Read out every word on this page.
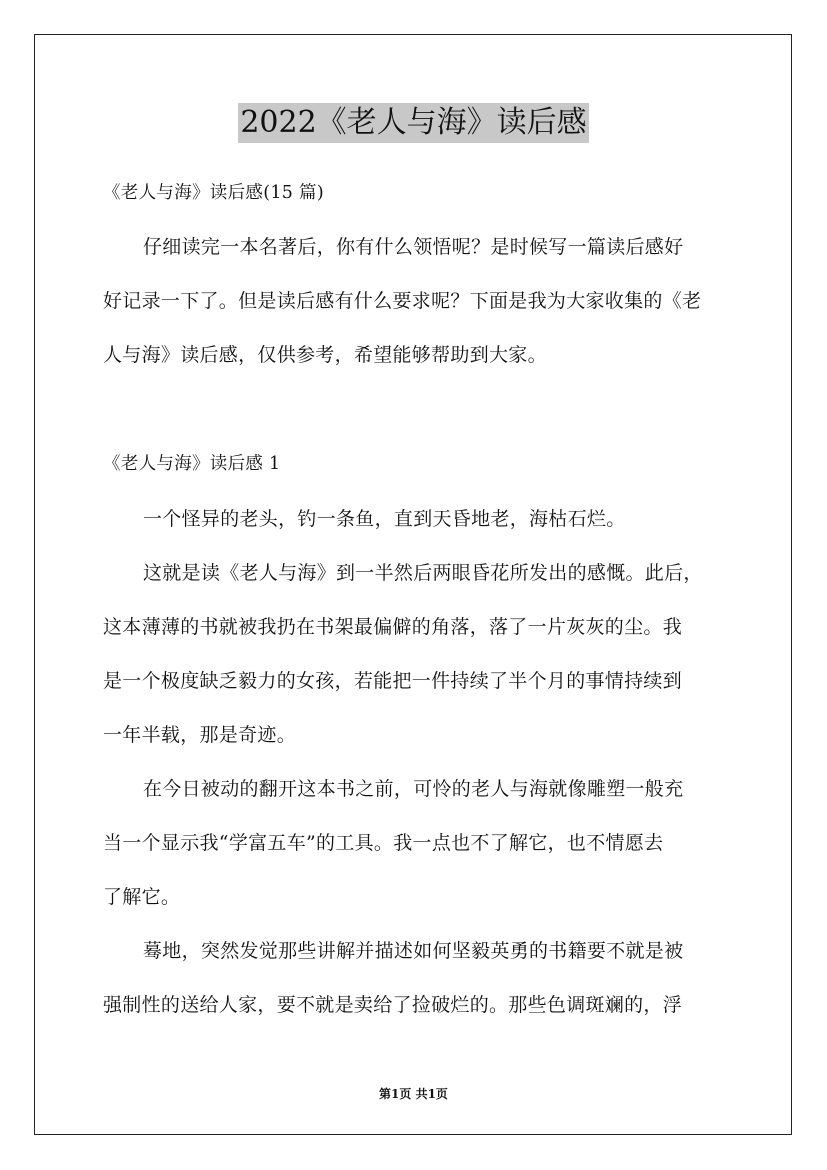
2022《老人与海》读后感
《老人与海》读后感(15 篇)
仔细读完一本名著后，你有什么领悟呢？是时候写一篇读后感好
好记录一下了。但是读后感有什么要求呢？下面是我为大家收集的《老
人与海》读后感，仅供参考，希望能够帮助到大家。
《老人与海》读后感 1
一个怪异的老头，钓一条鱼，直到天昏地老，海枯石烂。
这就是读《老人与海》到一半然后两眼昏花所发出的感慨。此后，
这本薄薄的书就被我扔在书架最偏僻的角落，落了一片灰灰的尘。我
是一个极度缺乏毅力的女孩，若能把一件持续了半个月的事情持续到
一年半载，那是奇迹。
在今日被动的翻开这本书之前，可怜的老人与海就像雕塑一般充
当一个显示我“学富五车”的工具。我一点也不了解它，也不情愿去
了解它。
蓦地，突然发觉那些讲解并描述如何坚毅英勇的书籍要不就是被
强制性的送给人家，要不就是卖给了捡破烂的。那些色调斑斓的，浮
第1页 共1页
